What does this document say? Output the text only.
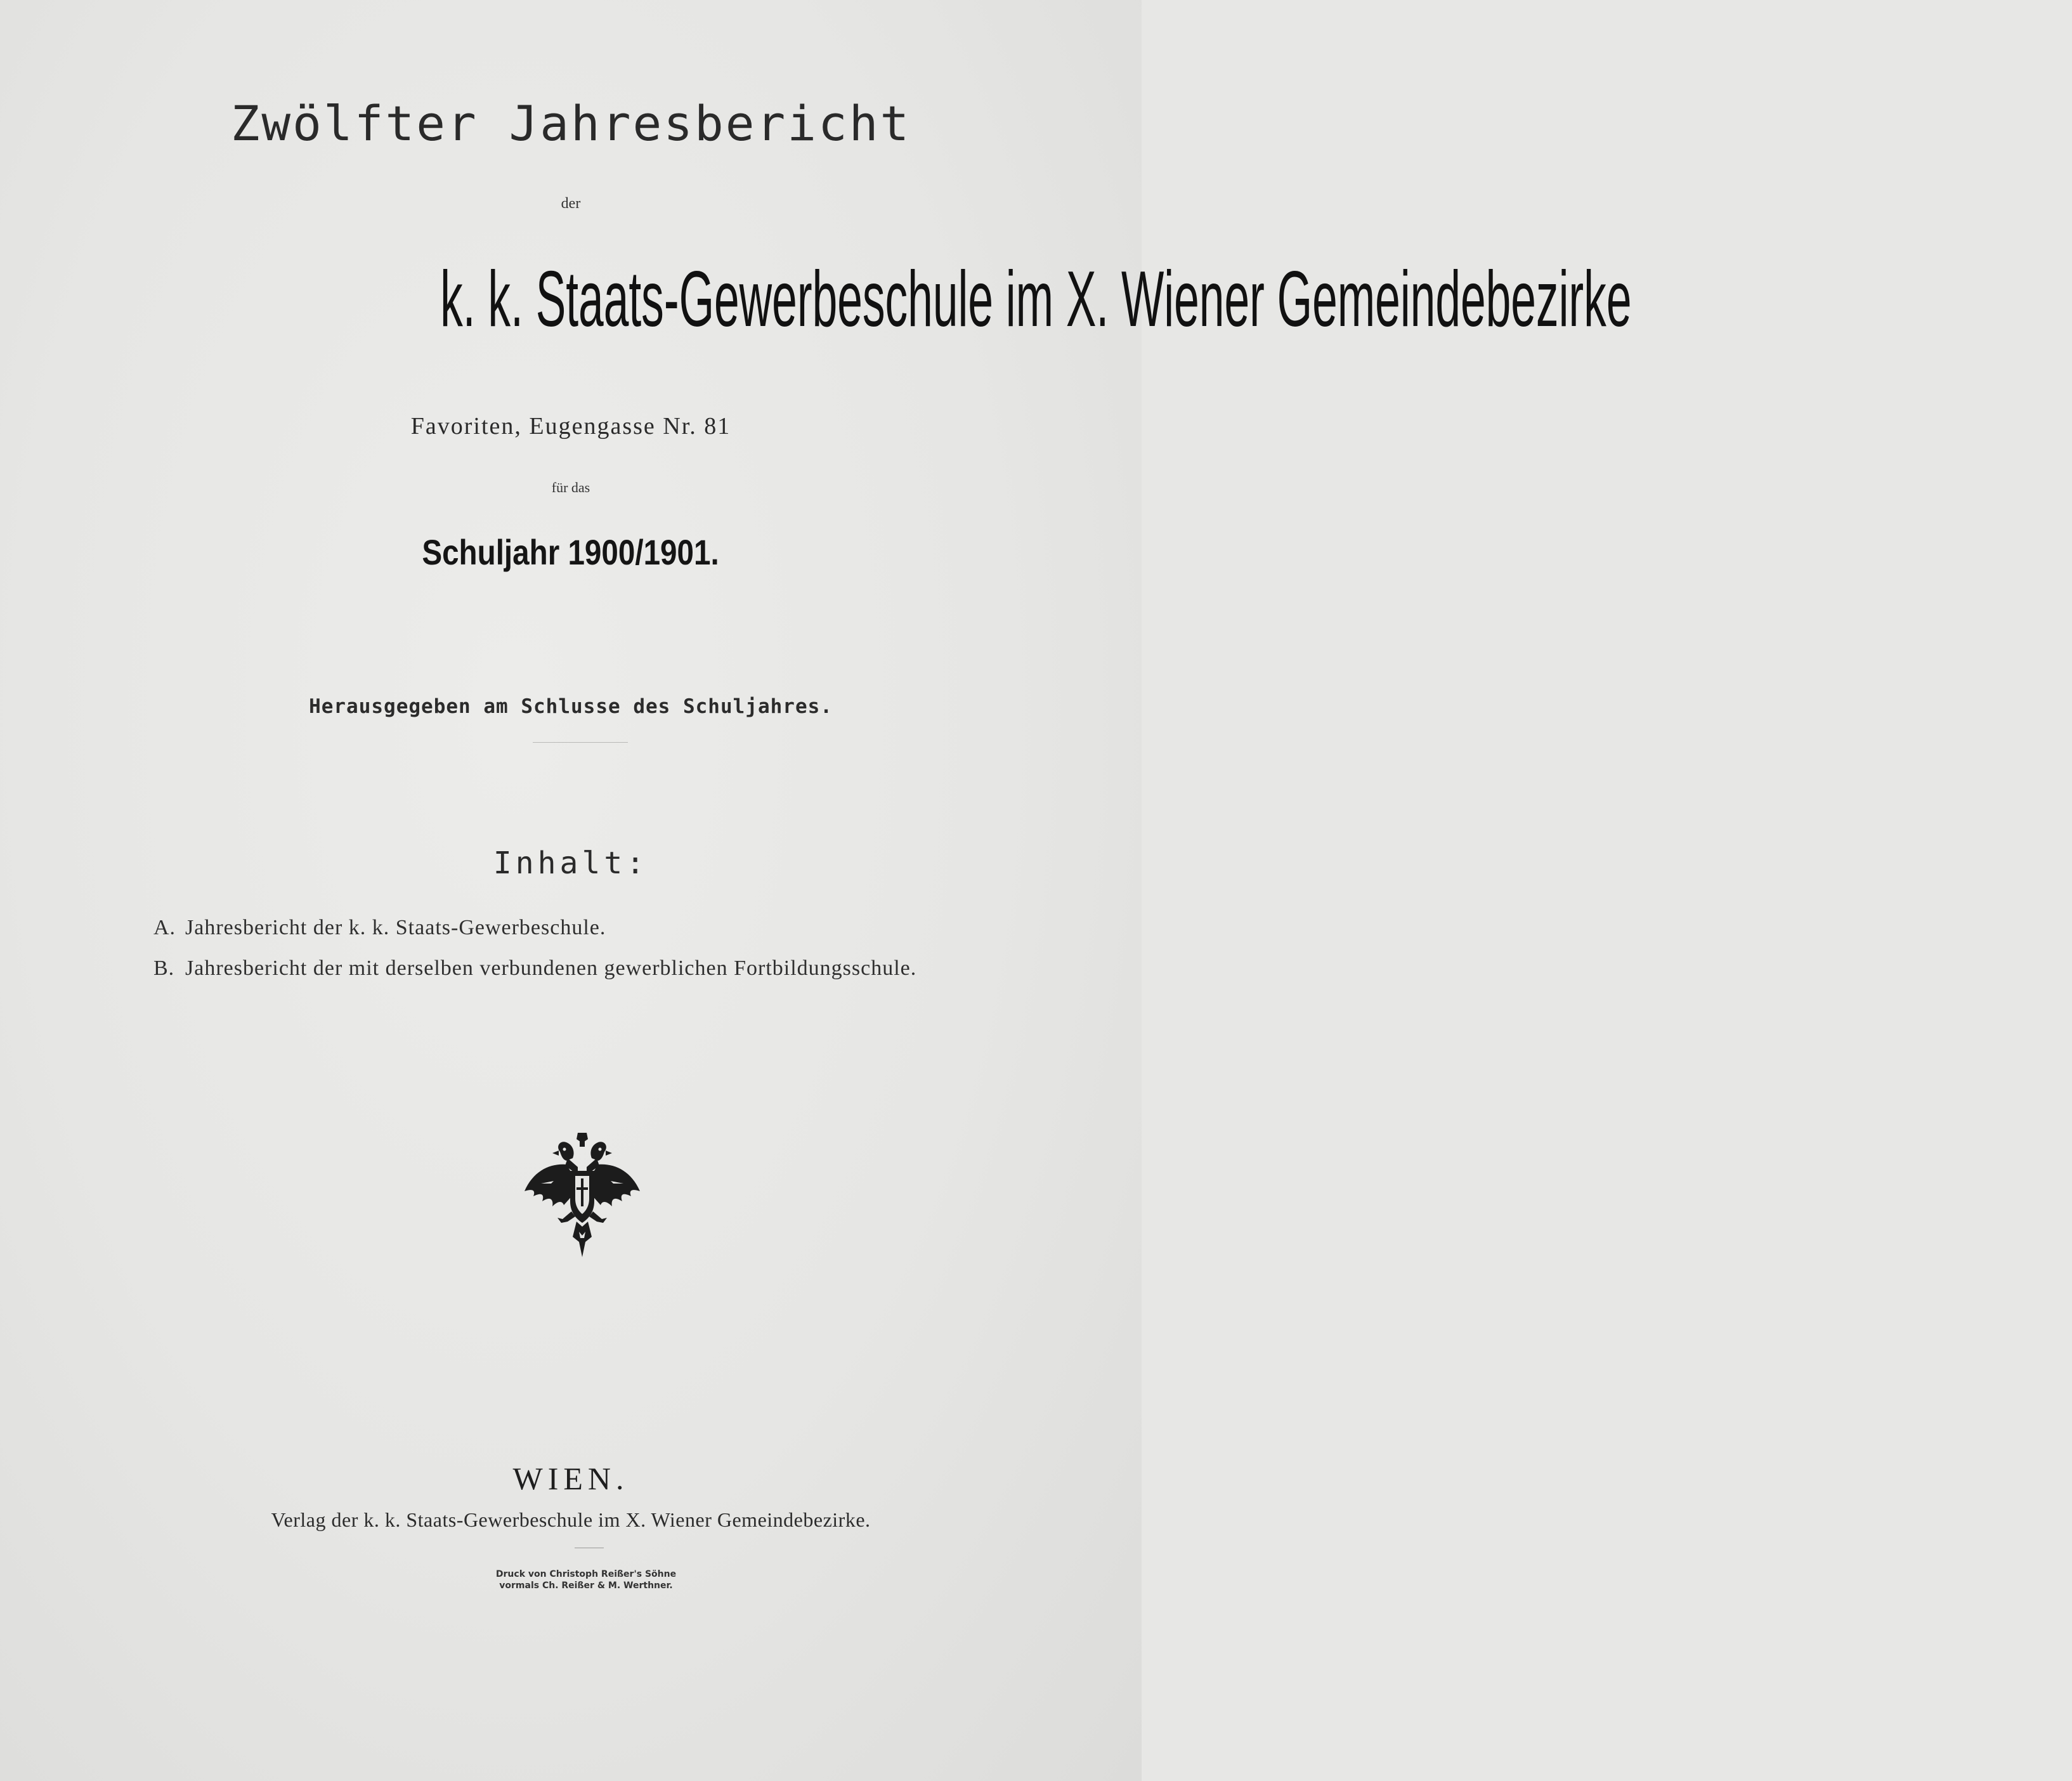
Zwölfter Jahresbericht

der

k. k. Staats-Gewerbeschule im X. Wiener Gemeindebezirke

Favoriten, Eugengasse Nr. 81

für das

Schuljahr 1900/1901.

Herausgegeben am Schlusse des Schuljahres.

Inhalt:

A. Jahresbericht der k. k. Staats-Gewerbeschule.

B. Jahresbericht der mit derselben verbundenen gewerblichen Fortbildungsschule.

WIEN.

Verlag der k. k. Staats-Gewerbeschule im X. Wiener Gemeindebezirke.

Druck von Christoph Reißer's Söhne

vormals Ch. Reißer & M. Werthner.
